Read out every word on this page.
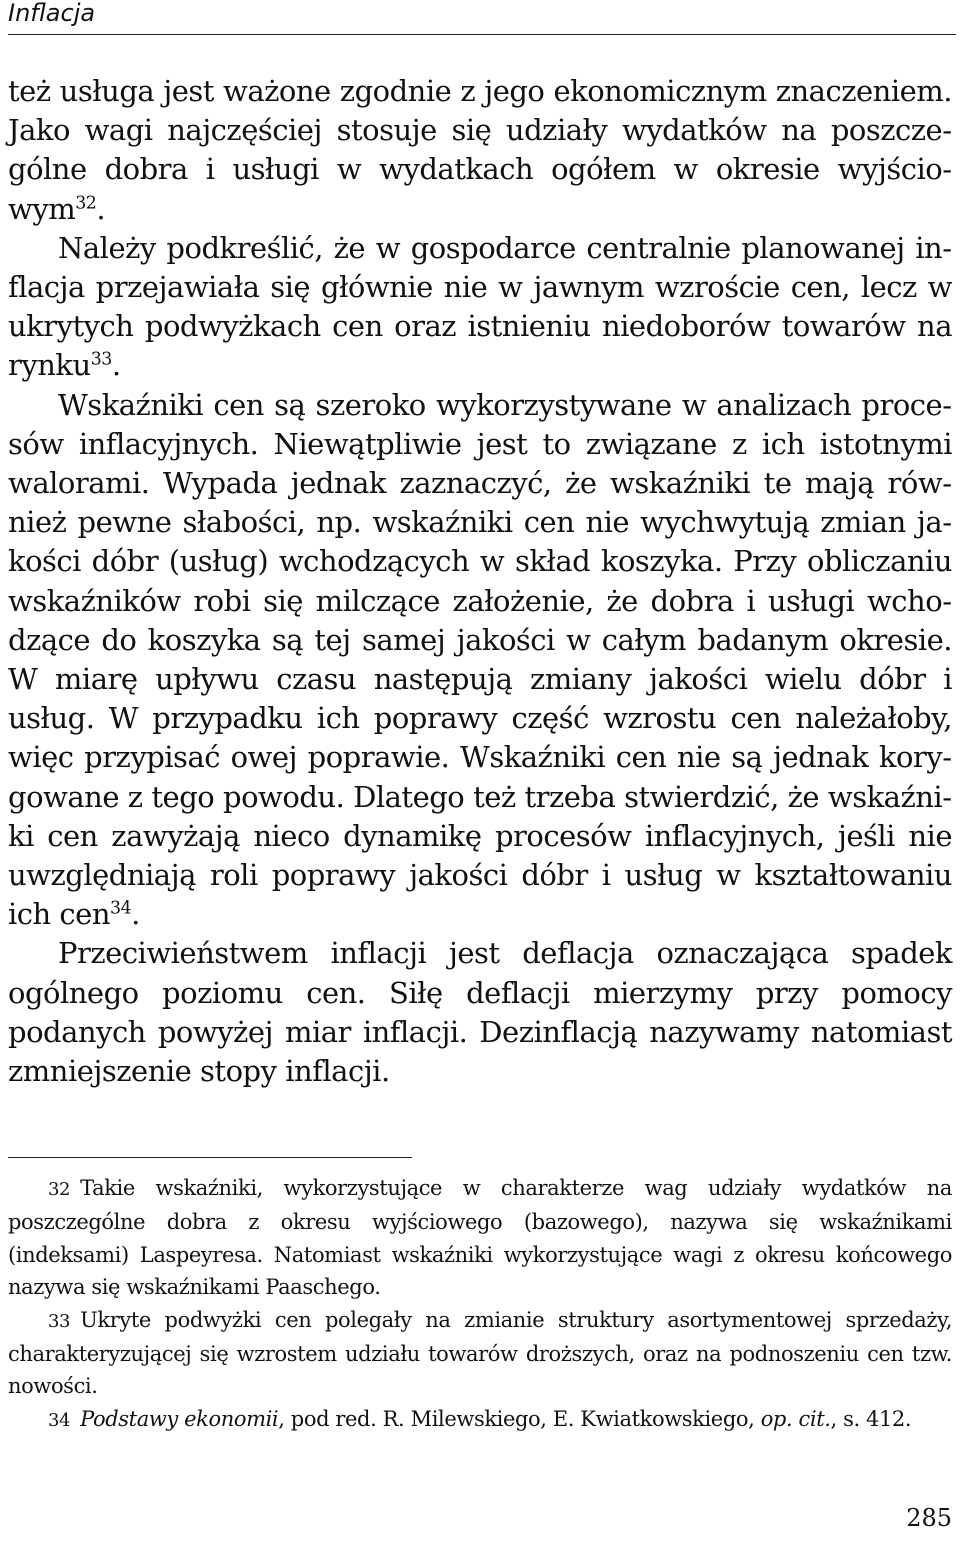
Inflacja

też usługa jest ważone zgodnie z jego ekonomicznym znaczeniem. Jako wagi najczęściej stosuje się udziały wydatków na poszczególne dobra i usługi w wydatkach ogółem w okresie wyjściowym$^{32}$.

Należy podkreślić, że w gospodarce centralnie planowanej inflacja przejawiała się głównie nie w jawnym wzroście cen, lecz w ukrytych podwyżkach cen oraz istnieniu niedoborów towarów na rynku$^{33}$.

Wskaźniki cen są szeroko wykorzystywane w analizach procesów inflacyjnych. Niewątpliwie jest to związane z ich istotnymi walorami. Wypada jednak zaznaczyć, że wskaźniki te mają również pewne słabości, np. wskaźniki cen nie wychwytują zmian jakości dóbr (usług) wchodzących w skład koszyka. Przy obliczaniu wskaźników robi się milczące założenie, że dobra i usługi wchodzące do koszyka są tej samej jakości w całym badanym okresie. W miarę upływu czasu następują zmiany jakości wielu dóbr i usług. W przypadku ich poprawy część wzrostu cen należałoby, więc przypisać owej poprawie. Wskaźniki cen nie są jednak korygowane z tego powodu. Dlatego też trzeba stwierdzić, że wskaźniki cen zawyżają nieco dynamikę procesów inflacyjnych, jeśli nie uwzględniają roli poprawy jakości dóbr i usług w kształtowaniu ich cen$^{34}$.

Przeciwieństwem inflacji jest deflacja oznaczająca spadek ogólnego poziomu cen. Siłę deflacji mierzymy przy pomocy podanych powyżej miar inflacji. Dezinflacją nazywamy natomiast zmniejszenie stopy inflacji.

32 Takie wskaźniki, wykorzystujące w charakterze wag udziały wydatków na poszczególne dobra z okresu wyjściowego (bazowego), nazywa się wskaźnikami (indeksami) Laspeyresa. Natomiast wskaźniki wykorzystujące wagi z okresu końcowego nazywa się wskaźnikami Paaschego.

33 Ukryte podwyżki cen polegały na zmianie struktury asortymentowej sprzedaży, charakteryzującej się wzrostem udziału towarów droższych, oraz na podnoszeniu cen tzw. nowości.

34 Podstawy ekonomii, pod red. R. Milewskiego, E. Kwiatkowskiego, op. cit., s. 412.

285
